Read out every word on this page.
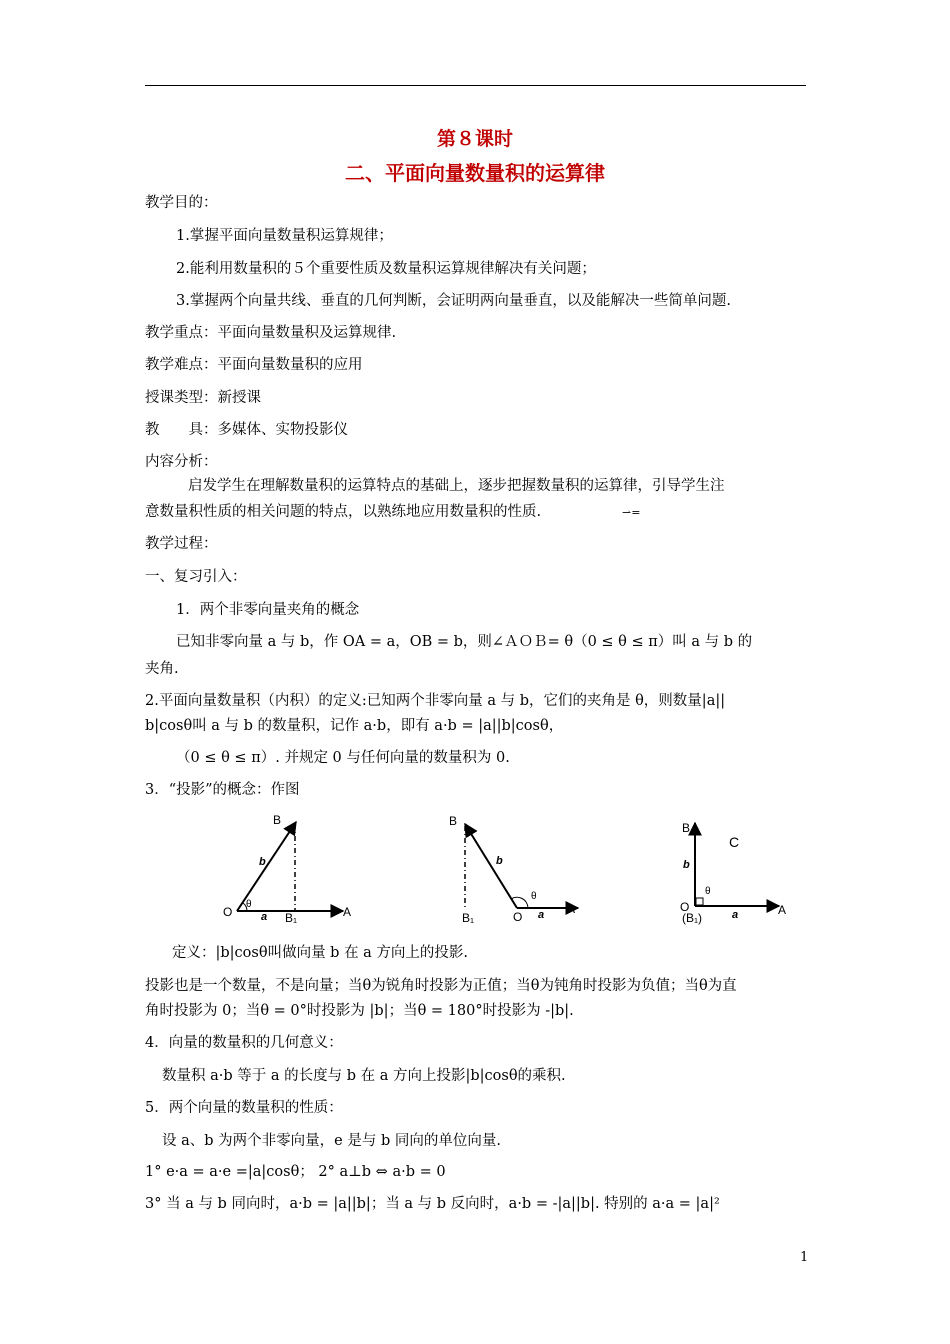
第８课时
二、平面向量数量积的运算律
教学目的：
1.掌握平面向量数量积运算规律；
2.能利用数量积的５个重要性质及数量积运算规律解决有关问题；
3.掌握两个向量共线、垂直的几何判断，会证明两向量垂直，以及能解决一些简单问题.
教学重点：平面向量数量积及运算规律.
教学难点：平面向量数量积的应用
授课类型：新授课
教　　具：多媒体、实物投影仪
内容分析：
启发学生在理解数量积的运算特点的基础上，逐步把握数量积的运算律，引导学生注
意数量积性质的相关问题的特点，以熟练地应用数量积的性质.	⇀=
教学过程：
一、复习引入：
1．两个非零向量夹角的概念
已知非零向量 a 与 b，作 OA = a，OB = b，则∠ＡＯＢ= θ（0 ≤ θ ≤ π）叫 a 与 b 的
夹角.
2.平面向量数量积（内积）的定义:已知两个非零向量 a 与 b，它们的夹角是 θ，则数量|a||
b|cosθ叫 a 与 b 的数量积，记作 a·b，即有 a·b = |a||b|cosθ，
（0 ≤ θ ≤ π）. 并规定 0 与任何向量的数量积为 0.
3．“投影”的概念：作图
B
O	A
B₁
a
b
θ
B
O
A
B₁	a
b
θ
B
O	A
(B₁)	a
b
θ
C
定义：|b|cosθ叫做向量 b 在 a 方向上的投影.
投影也是一个数量，不是向量；当θ为锐角时投影为正值；当θ为钝角时投影为负值；当θ为直
角时投影为 0；当θ = 0°时投影为 |b|；当θ = 180°时投影为 -|b|.
4．向量的数量积的几何意义：
数量积 a·b 等于 a 的长度与 b 在 a 方向上投影|b|cosθ的乘积.
5．两个向量的数量积的性质：
设 a、b 为两个非零向量，e 是与 b 同向的单位向量.
1° e·a = a·e =|a|cosθ； 2° a⊥b ⇔ a·b = 0
3° 当 a 与 b 同向时，a·b = |a||b|；当 a 与 b 反向时，a·b = -|a||b|. 特别的 a·a = |a|²
1
